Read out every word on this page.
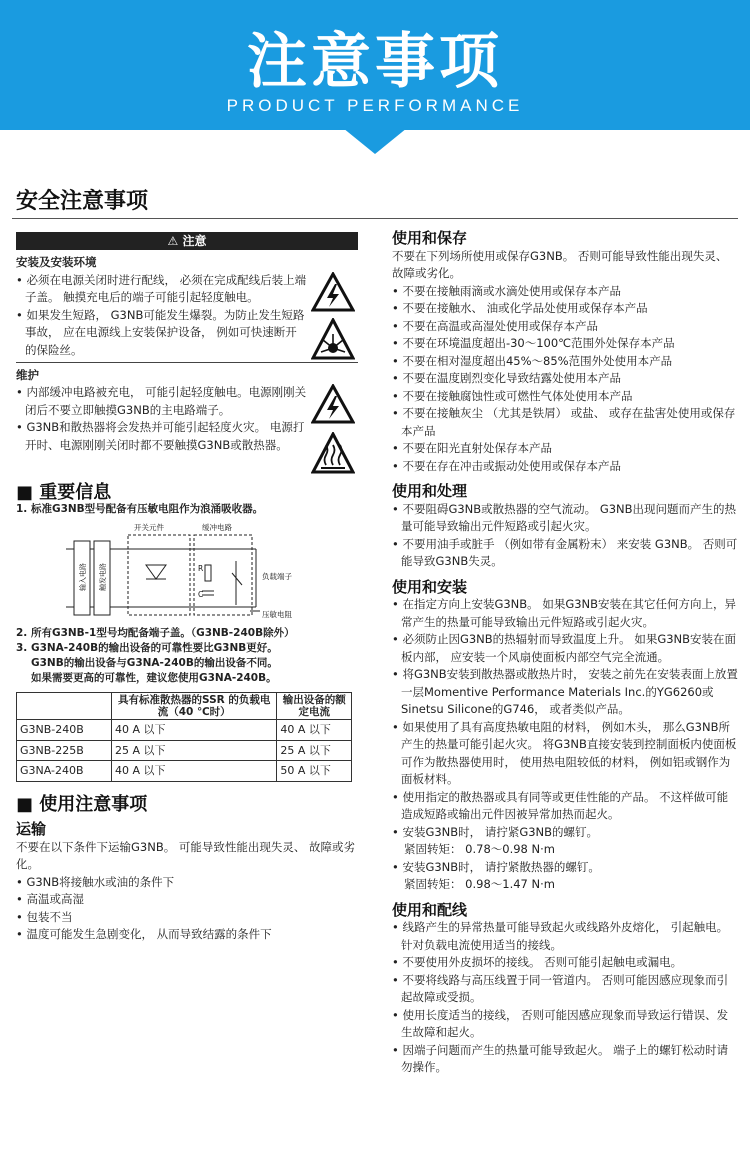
注意事项
PRODUCT PERFORMANCE
安全注意事项
⚠ 注意
安装及安装环境
• 必须在电源关闭时进行配线， 必须在完成配线后装上端子盖。 触摸充电后的端子可能引起轻度触电。
• 如果发生短路， G3NB可能发生爆裂。为防止发生短路事故， 应在电源线上安装保护设备， 例如可快速断开的保险丝。
维护
• 内部缓冲电路被充电， 可能引起轻度触电。电源刚刚关闭后不要立即触摸G3NB的主电路端子。
• G3NB和散热器将会发热并可能引起轻度火灾。 电源打开时、电源刚刚关闭时都不要触摸G3NB或散热器。
■ 重要信息
1. 标准G3NB型号配备有压敏电阻作为浪涌吸收器。
开关元件	缓冲电路
负载端子
压敏电阻
R
C
输入电路 触发电路
2. 所有G3NB-1型号均配备端子盖。（G3NB-240B除外）
3. G3NA-240B的输出设备的可靠性要比G3NB更好。
G3NB的输出设备与G3NA-240B的输出设备不同。
如果需要更高的可靠性，建议您使用G3NA-240B。
	具有标准散热器的SSR 的负载电流（40 ℃时）	输出设备的额定电流
G3NB-240B	40 A 以下	40 A 以下
G3NB-225B	25 A 以下	25 A 以下
G3NA-240B	40 A 以下	50 A 以下
■ 使用注意事项
运输
不要在以下条件下运输G3NB。 可能导致性能出现失灵、 故障或劣化。
• G3NB将接触水或油的条件下
• 高温或高湿
• 包装不当
• 温度可能发生急剧变化， 从而导致结露的条件下
使用和保存
不要在下列场所使用或保存G3NB。 否则可能导致性能出现失灵、 故障或劣化。
• 不要在接触雨滴或水滴处使用或保存本产品
• 不要在接触水、 油或化学品处使用或保存本产品
• 不要在高温或高湿处使用或保存本产品
• 不要在环境温度超出-30～100℃范围外处保存本产品
• 不要在相对湿度超出45%～85%范围外处使用本产品
• 不要在温度剧烈变化导致结露处使用本产品
• 不要在接触腐蚀性或可燃性气体处使用本产品
• 不要在接触灰尘 （尤其是铁屑） 或盐、 或存在盐害处使用或保存本产品
• 不要在阳光直射处保存本产品
• 不要在存在冲击或振动处使用或保存本产品
使用和处理
• 不要阻碍G3NB或散热器的空气流动。 G3NB出现问题而产生的热量可能导致输出元件短路或引起火灾。
• 不要用油手或脏手 （例如带有金属粉末） 来安装 G3NB。 否则可能导致G3NB失灵。
使用和安装
• 在指定方向上安装G3NB。 如果G3NB安装在其它任何方向上，异常产生的热量可能导致输出元件短路或引起火灾。
• 必须防止因G3NB的热辐射而导致温度上升。 如果G3NB安装在面板内部， 应安装一个风扇使面板内部空气完全流通。
• 将G3NB安装到散热器或散热片时， 安装之前先在安装表面上放置一层Momentive Performance Materials Inc.的YG6260或Sinetsu Silicone的G746， 或者类似产品。
• 如果使用了具有高度热敏电阻的材料， 例如木头， 那么G3NB所产生的热量可能引起火灾。 将G3NB直接安装到控制面板内使面板可作为散热器使用时， 使用热电阻较低的材料， 例如铝或钢作为面板材料。
• 使用指定的散热器或具有同等或更佳性能的产品。 不这样做可能造成短路或输出元件因被异常加热而起火。
• 安装G3NB时， 请拧紧G3NB的螺钉。
紧固转矩： 0.78～0.98 N·m
• 安装G3NB时， 请拧紧散热器的螺钉。
紧固转矩： 0.98～1.47 N·m
使用和配线
• 线路产生的异常热量可能导致起火或线路外皮熔化， 引起触电。 针对负载电流使用适当的接线。
• 不要使用外皮损坏的接线。 否则可能引起触电或漏电。
• 不要将线路与高压线置于同一管道内。 否则可能因感应现象而引起故障或受损。
• 使用长度适当的接线， 否则可能因感应现象而导致运行错误、发生故障和起火。
• 因端子问题而产生的热量可能导致起火。 端子上的螺钉松动时请勿操作。
